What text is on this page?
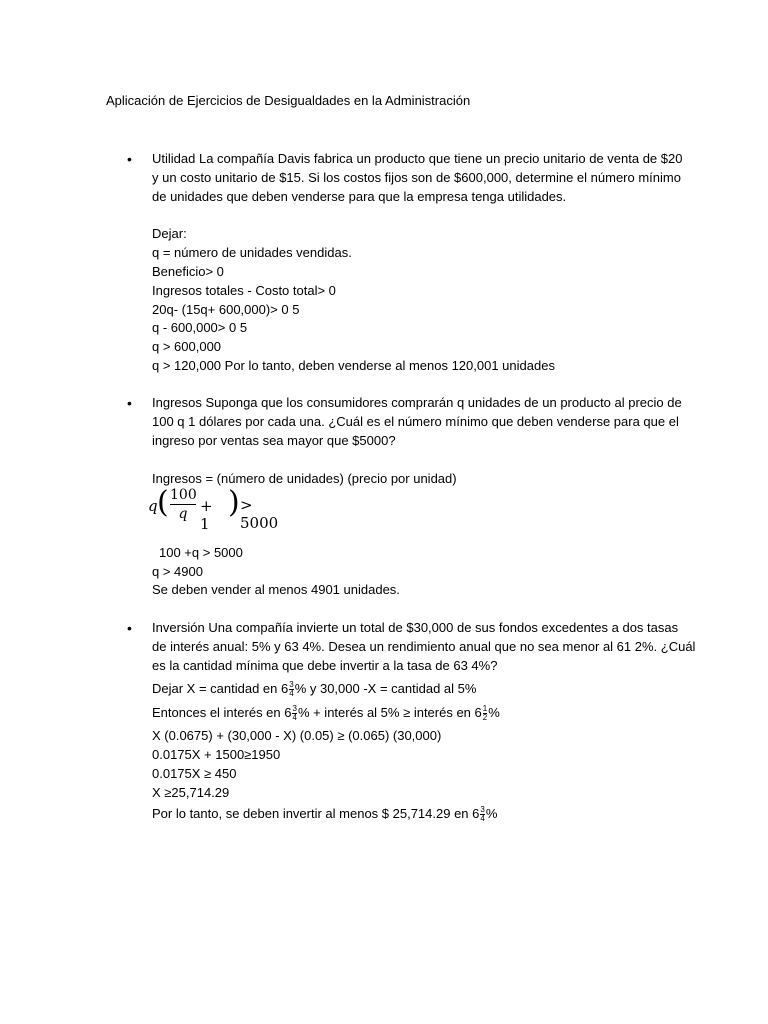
Aplicación de Ejercicios de Desigualdades en la Administración
• Utilidad La compañía Davis fabrica un producto que tiene un precio unitario de venta de $20
y un costo unitario de $15. Si los costos fijos son de $600,000, determine el número mínimo
de unidades que deben venderse para que la empresa tenga utilidades.
Dejar:
q = número de unidades vendidas.
Beneficio> 0
Ingresos totales - Costo total> 0
20q- (15q+ 600,000)> 0 5
q - 600,000> 0 5
q > 600,000
q > 120,000 Por lo tanto, deben venderse al menos 120,001 unidades
• Ingresos Suponga que los consumidores comprarán q unidades de un producto al precio de
100 q 1 dólares por cada una. ¿Cuál es el número mínimo que deben venderse para que el
ingreso por ventas sea mayor que $5000?
Ingresos = (número de unidades) (precio por unidad)
q ( $\frac{100}{q} + 1$
) > 5000
100 +q > 5000
q > 4900
Se deben vender al menos 4901 unidades.
• Inversión Una compañía invierte un total de $30,000 de sus fondos excedentes a dos tasas
de interés anual: 5% y 63 4%. Desea un rendimiento anual que no sea menor al 61 2%. ¿Cuál
es la cantidad mínima que debe invertir a la tasa de 63 4%?
Dejar X = cantidad en $6 \frac{3}{4}$ % y 30,000 -X = cantidad al 5%
Entonces el interés en $6 \frac{3}{4}$ % + interés al 5% ≥ interés en $6 \frac{1}{2}$ %
X (0.0675) + (30,000 - X) (0.05) ≥ (0.065) (30,000)
0.0175X + 1500≥1950
0.0175X ≥ 450
X ≥25,714.29
Por lo tanto, se deben invertir al menos $ 25,714.29 en $6 \frac{3}{4}$ %
